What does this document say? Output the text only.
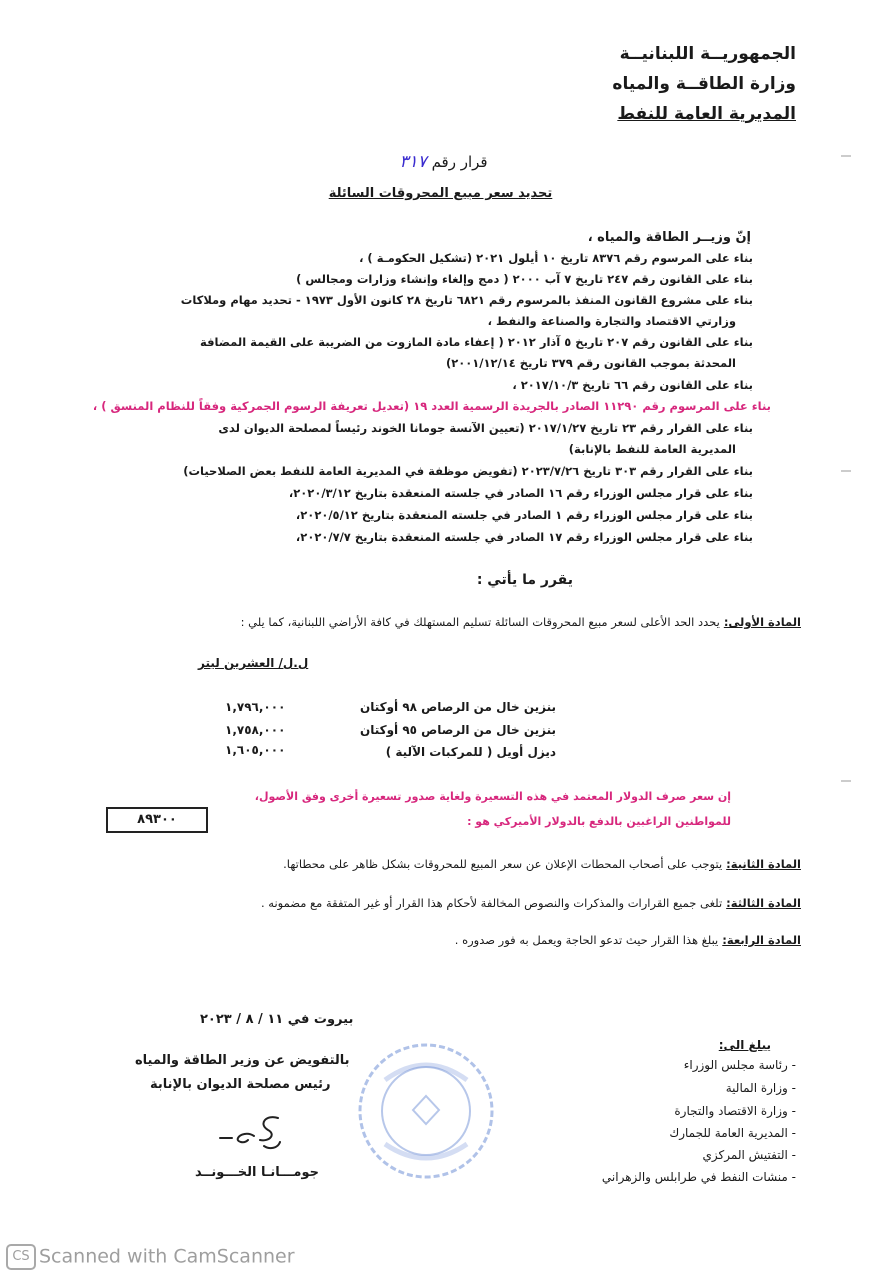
الجمهوريــة اللبنانيــة
وزارة الطاقــة والمياه
المديرية العامة للنفط
قرار رقم ٣١٧
تحديد سعر مبيع المحروقات السائلة
إنّ وزيــر الطاقة والمياه ،
بناء على المرسوم رقم ٨٣٧٦ تاريخ ١٠ أيلول ٢٠٢١ (تشكيل الحكومـة ) ،
بناء على القانون رقم ٢٤٧ تاريخ ٧ آب ٢٠٠٠ ( دمج وإلغاء وإنشاء وزارات ومجالس )
بناء على مشروع القانون المنفذ بالمرسوم رقم ٦٨٢١ تاريخ ٢٨ كانون الأول ١٩٧٣ - تحديد مهام وملاكات
وزارتي الاقتصاد والتجارة والصناعة والنفط ،
بناء على القانون رقم ٢٠٧ تاريخ ٥ آذار ٢٠١٢ ( إعفاء مادة المازوت من الضريبة على القيمة المضافة
المحدثة بموجب القانون رقم ٣٧٩ تاريخ ٢٠٠١/١٢/١٤)
بناء على القانون رقم ٦٦ تاريخ ٢٠١٧/١٠/٣ ،
بناء على المرسوم رقم ١١٢٩٠ الصادر بالجريدة الرسمية العدد ١٩ (تعديل تعريفة الرسوم الجمركية وفقاً للنظام المنسق ) ،
بناء على القرار رقم ٢٣ تاريخ ٢٠١٧/١/٢٧ (تعيين الآنسة جومانا الخوند رئيساً لمصلحة الديوان لدى
المديرية العامة للنفط بالإنابة)
بناء على القرار رقم ٣٠٣ تاريخ ٢٠٢٣/٧/٢٦ (تفويض موظفة في المديرية العامة للنفط بعض الصلاحيات)
بناء على قرار مجلس الوزراء رقم ١٦ الصادر في جلسته المنعقدة بتاريخ ٢٠٢٠/٣/١٢،
بناء على قرار مجلس الوزراء رقم ١ الصادر في جلسته المنعقدة بتاريخ ٢٠٢٠/٥/١٢،
بناء على قرار مجلس الوزراء رقم ١٧ الصادر في جلسته المنعقدة بتاريخ ٢٠٢٠/٧/٧،
يقرر ما يأتي :
المادة الأولى:يحدد الحد الأعلى لسعر مبيع المحروقات السائلة تسليم المستهلك في كافة الأراضي اللبنانية، كما يلي :
ل.ل/ العشرين ليتر
بنزين خال من الرصاص ٩٨ أوكتان
١,٧٩٦,٠٠٠
بنزين خال من الرصاص ٩٥ أوكتان
١,٧٥٨,٠٠٠
ديزل أويل ( للمركبات الآلية )
١,٦٠٥,٠٠٠
إن سعر صرف الدولار المعتمد في هذه التسعيرة ولغاية صدور تسعيرة أخرى وفق الأصول،
للمواطنين الراغبين بالدفع بالدولار الأميركي هو :
٨٩٣٠٠
المادة الثانية:يتوجب على أصحاب المحطات الإعلان عن سعر المبيع للمحروقات بشكل ظاهر على محطاتها.
المادة الثالثة:تلغى جميع القرارات والمذكرات والنصوص المخالفة لأحكام هذا القرار أو غير المتفقة مع مضمونه .
المادة الرابعة:يبلغ هذا القرار حيث تدعو الحاجة ويعمل به فور صدوره .
بيروت في ١١ / ٨ / ٢٠٢٣
بالتفويض عن وزير الطاقة والمياه
رئيس مصلحة الديوان بالإنابة
جومـــانـا الخـــونــد
يبلغ الى:
- رئاسة مجلس الوزراء
- وزارة المالية
- وزارة الاقتصاد والتجارة
- المديرية العامة للجمارك
- التفتيش المركزي
- منشات النفط في طرابلس والزهراني
CS Scanned with CamScanner
